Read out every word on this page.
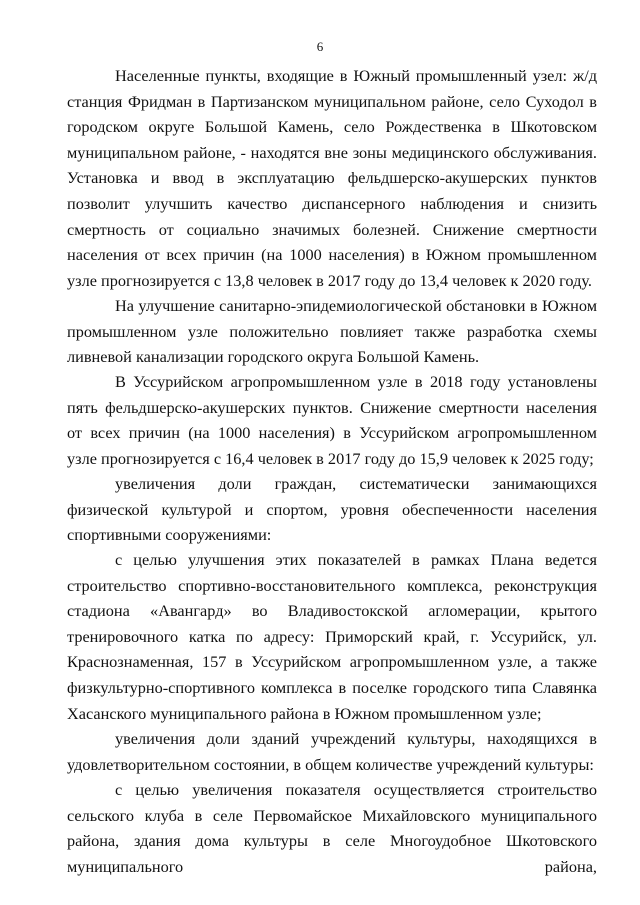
6

Населенные пункты, входящие в Южный промышленный узел: ж/д станция Фридман в Партизанском муниципальном районе, село Суходол в городском округе Большой Камень, село Рождественка в Шкотовском муниципальном районе, - находятся вне зоны медицинского обслуживания. Установка и ввод в эксплуатацию фельдшерско-акушерских пунктов позволит улучшить качество диспансерного наблюдения и снизить смертность от социально значимых болезней. Снижение смертности населения от всех причин (на 1000 населения) в Южном промышленном узле прогнозируется с 13,8 человек в 2017 году до 13,4 человек к 2020 году.

На улучшение санитарно-эпидемиологической обстановки в Южном промышленном узле положительно повлияет также разработка схемы ливневой канализации городского округа Большой Камень.

В Уссурийском агропромышленном узле в 2018 году установлены пять фельдшерско-акушерских пунктов. Снижение смертности населения от всех причин (на 1000 населения) в Уссурийском агропромышленном узле прогнозируется с 16,4 человек в 2017 году до 15,9 человек к 2025 году;

увеличения доли граждан, систематически занимающихся физической культурой и спортом, уровня обеспеченности населения спортивными сооружениями:

с целью улучшения этих показателей в рамках Плана ведется строительство спортивно-восстановительного комплекса, реконструкция стадиона «Авангард» во Владивостокской агломерации, крытого тренировочного катка по адресу: Приморский край, г. Уссурийск, ул. Краснознаменная, 157 в Уссурийском агропромышленном узле, а также физкультурно-спортивного комплекса в поселке городского типа Славянка Хасанского муниципального района в Южном промышленном узле;

увеличения доли зданий учреждений культуры, находящихся в удовлетворительном состоянии, в общем количестве учреждений культуры:

с целью увеличения показателя осуществляется строительство сельского клуба в селе Первомайское Михайловского муниципального района, здания дома культуры в селе Многоудобное Шкотовского муниципального района,
